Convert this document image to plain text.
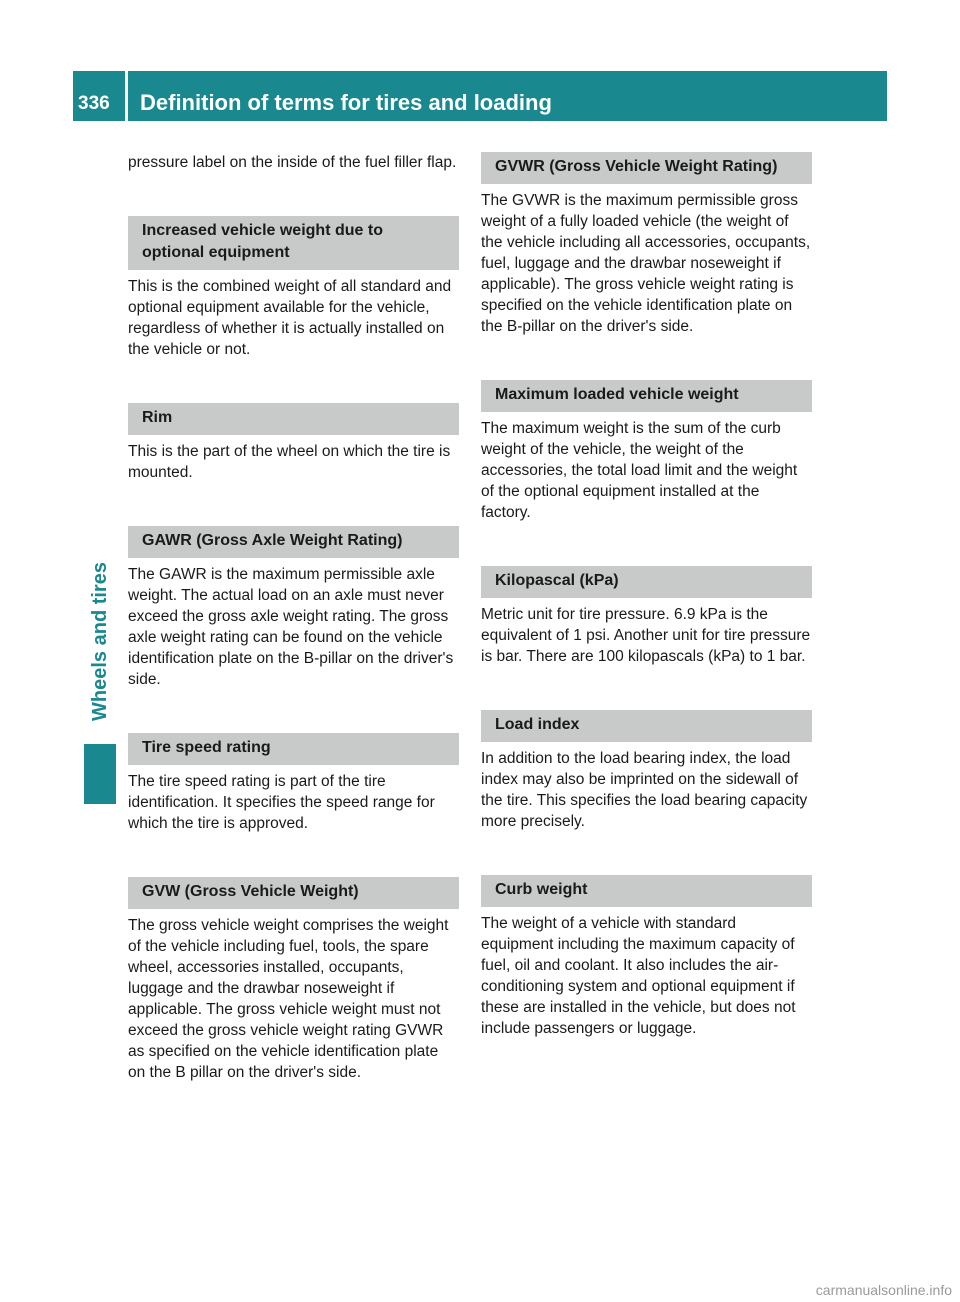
336	Definition of terms for tires and loading
Wheels and tires

pressure label on the inside of the fuel filler flap.

Increased vehicle weight due to optional equipment

This is the combined weight of all standard and optional equipment available for the vehicle, regardless of whether it is actually installed on the vehicle or not.

Rim

This is the part of the wheel on which the tire is mounted.

GAWR (Gross Axle Weight Rating)

The GAWR is the maximum permissible axle weight. The actual load on an axle must never exceed the gross axle weight rating. The gross axle weight rating can be found on the vehicle identification plate on the B-pillar on the driver's side.

Tire speed rating

The tire speed rating is part of the tire identification. It specifies the speed range for which the tire is approved.

GVW (Gross Vehicle Weight)

The gross vehicle weight comprises the weight of the vehicle including fuel, tools, the spare wheel, accessories installed, occupants, luggage and the drawbar noseweight if applicable. The gross vehicle weight must not exceed the gross vehicle weight rating GVWR as specified on the vehicle identification plate on the B pillar on the driver's side.

GVWR (Gross Vehicle Weight Rating)

The GVWR is the maximum permissible gross weight of a fully loaded vehicle (the weight of the vehicle including all accessories, occupants, fuel, luggage and the drawbar noseweight if applicable). The gross vehicle weight rating is specified on the vehicle identification plate on the B-pillar on the driver's side.

Maximum loaded vehicle weight

The maximum weight is the sum of the curb weight of the vehicle, the weight of the accessories, the total load limit and the weight of the optional equipment installed at the factory.

Kilopascal (kPa)

Metric unit for tire pressure. 6.9 kPa is the equivalent of 1 psi. Another unit for tire pressure is bar. There are 100 kilopascals (kPa) to 1 bar.

Load index

In addition to the load bearing index, the load index may also be imprinted on the sidewall of the tire. This specifies the load bearing capacity more precisely.

Curb weight

The weight of a vehicle with standard equipment including the maximum capacity of fuel, oil and coolant. It also includes the air-conditioning system and optional equipment if these are installed in the vehicle, but does not include passengers or luggage.

carmanualsonline.info
